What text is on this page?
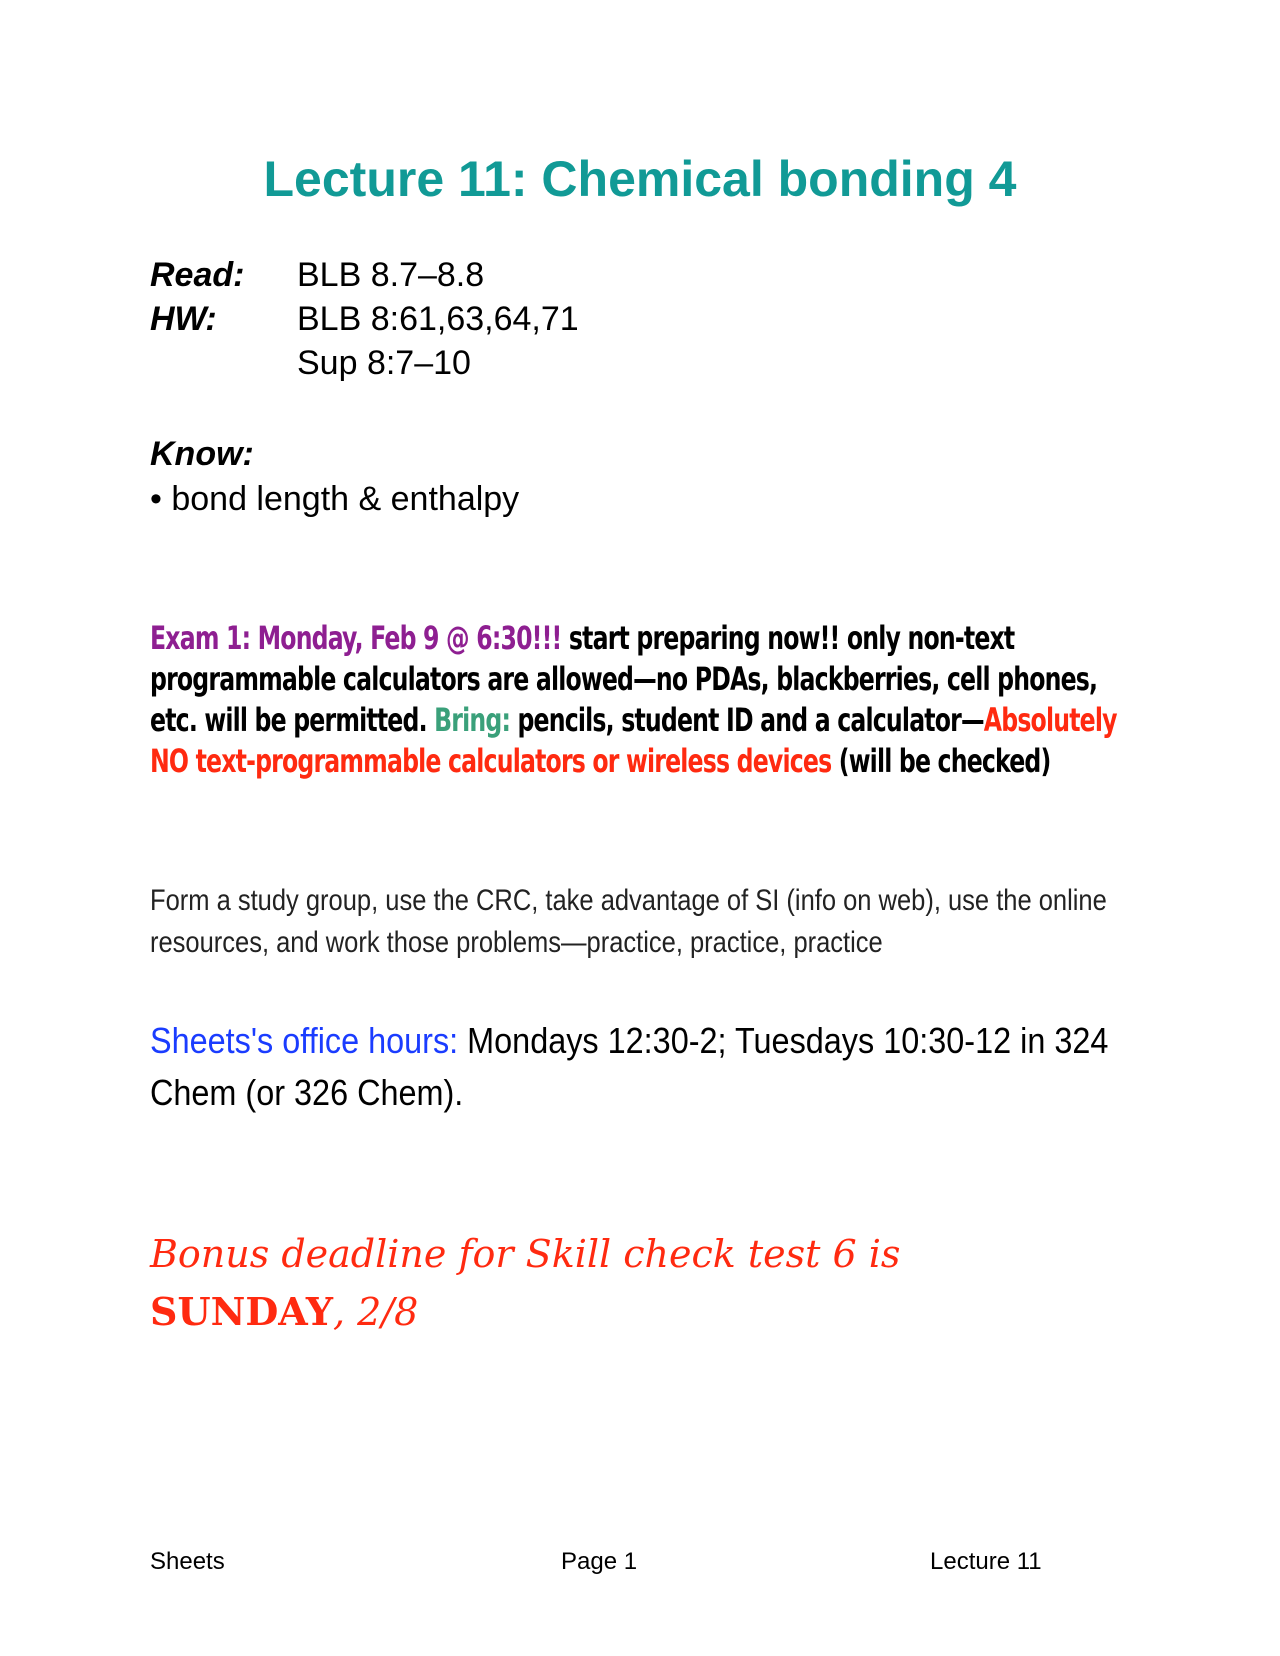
Lecture 11: Chemical bonding 4
Read: BLB 8.7–8.8
HW: BLB 8:61,63,64,71
Sup 8:7–10
Know:
• bond length & enthalpy
Exam 1: Monday, Feb 9 @ 6:30!!! start preparing now!! only non-text programmable calculators are allowed—no PDAs, blackberries, cell phones, etc. will be permitted. Bring: pencils, student ID and a calculator—Absolutely NO text-programmable calculators or wireless devices (will be checked)
Form a study group, use the CRC, take advantage of SI (info on web), use the online resources, and work those problems—practice, practice, practice
Sheets's office hours: Mondays 12:30-2; Tuesdays 10:30-12 in 324 Chem (or 326 Chem).
Bonus deadline for Skill check test 6 is
SUNDAY, 2/8
Sheets	Page 1	Lecture 11
